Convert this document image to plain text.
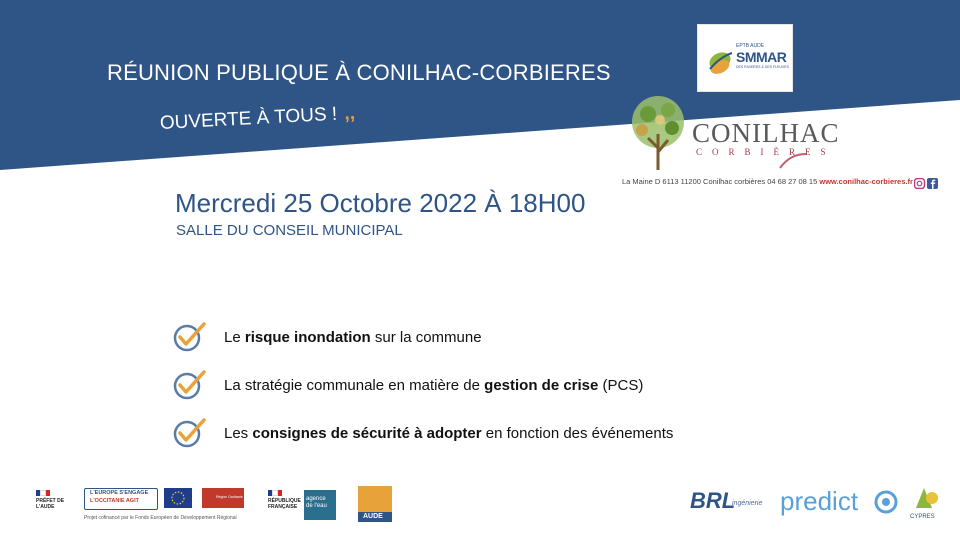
RÉUNION PUBLIQUE À CONILHAC-CORBIERES
OUVERTE À TOUS ! ,,
EPTB AUDE
SMMAR
DES RIVIERES & DES FLEUVES
CONILHAC
CORBIÈRES
La Maine D 6113 11200 Conilhac corbières 04 68 27 08 15 www.conilhac-corbieres.fr
Mercredi 25 Octobre 2022 À 18H00
SALLE DU CONSEIL MUNICIPAL
Le risque inondation sur la commune
La stratégie communale en matière de gestion de crise (PCS)
Les consignes de sécurité à adopter en fonction des événements
PRÉFET DE L'AUDE
L'EUROPE S'ENGAGE
L'OCCITANIE AGIT
Région Occitanie
Projet cofinancé par le Fonds Européen de Développement Régional
RÉPUBLIQUE FRANÇAISE
agence de l'eau
AUDE
BRL
ingénierie predict
CYPRES
